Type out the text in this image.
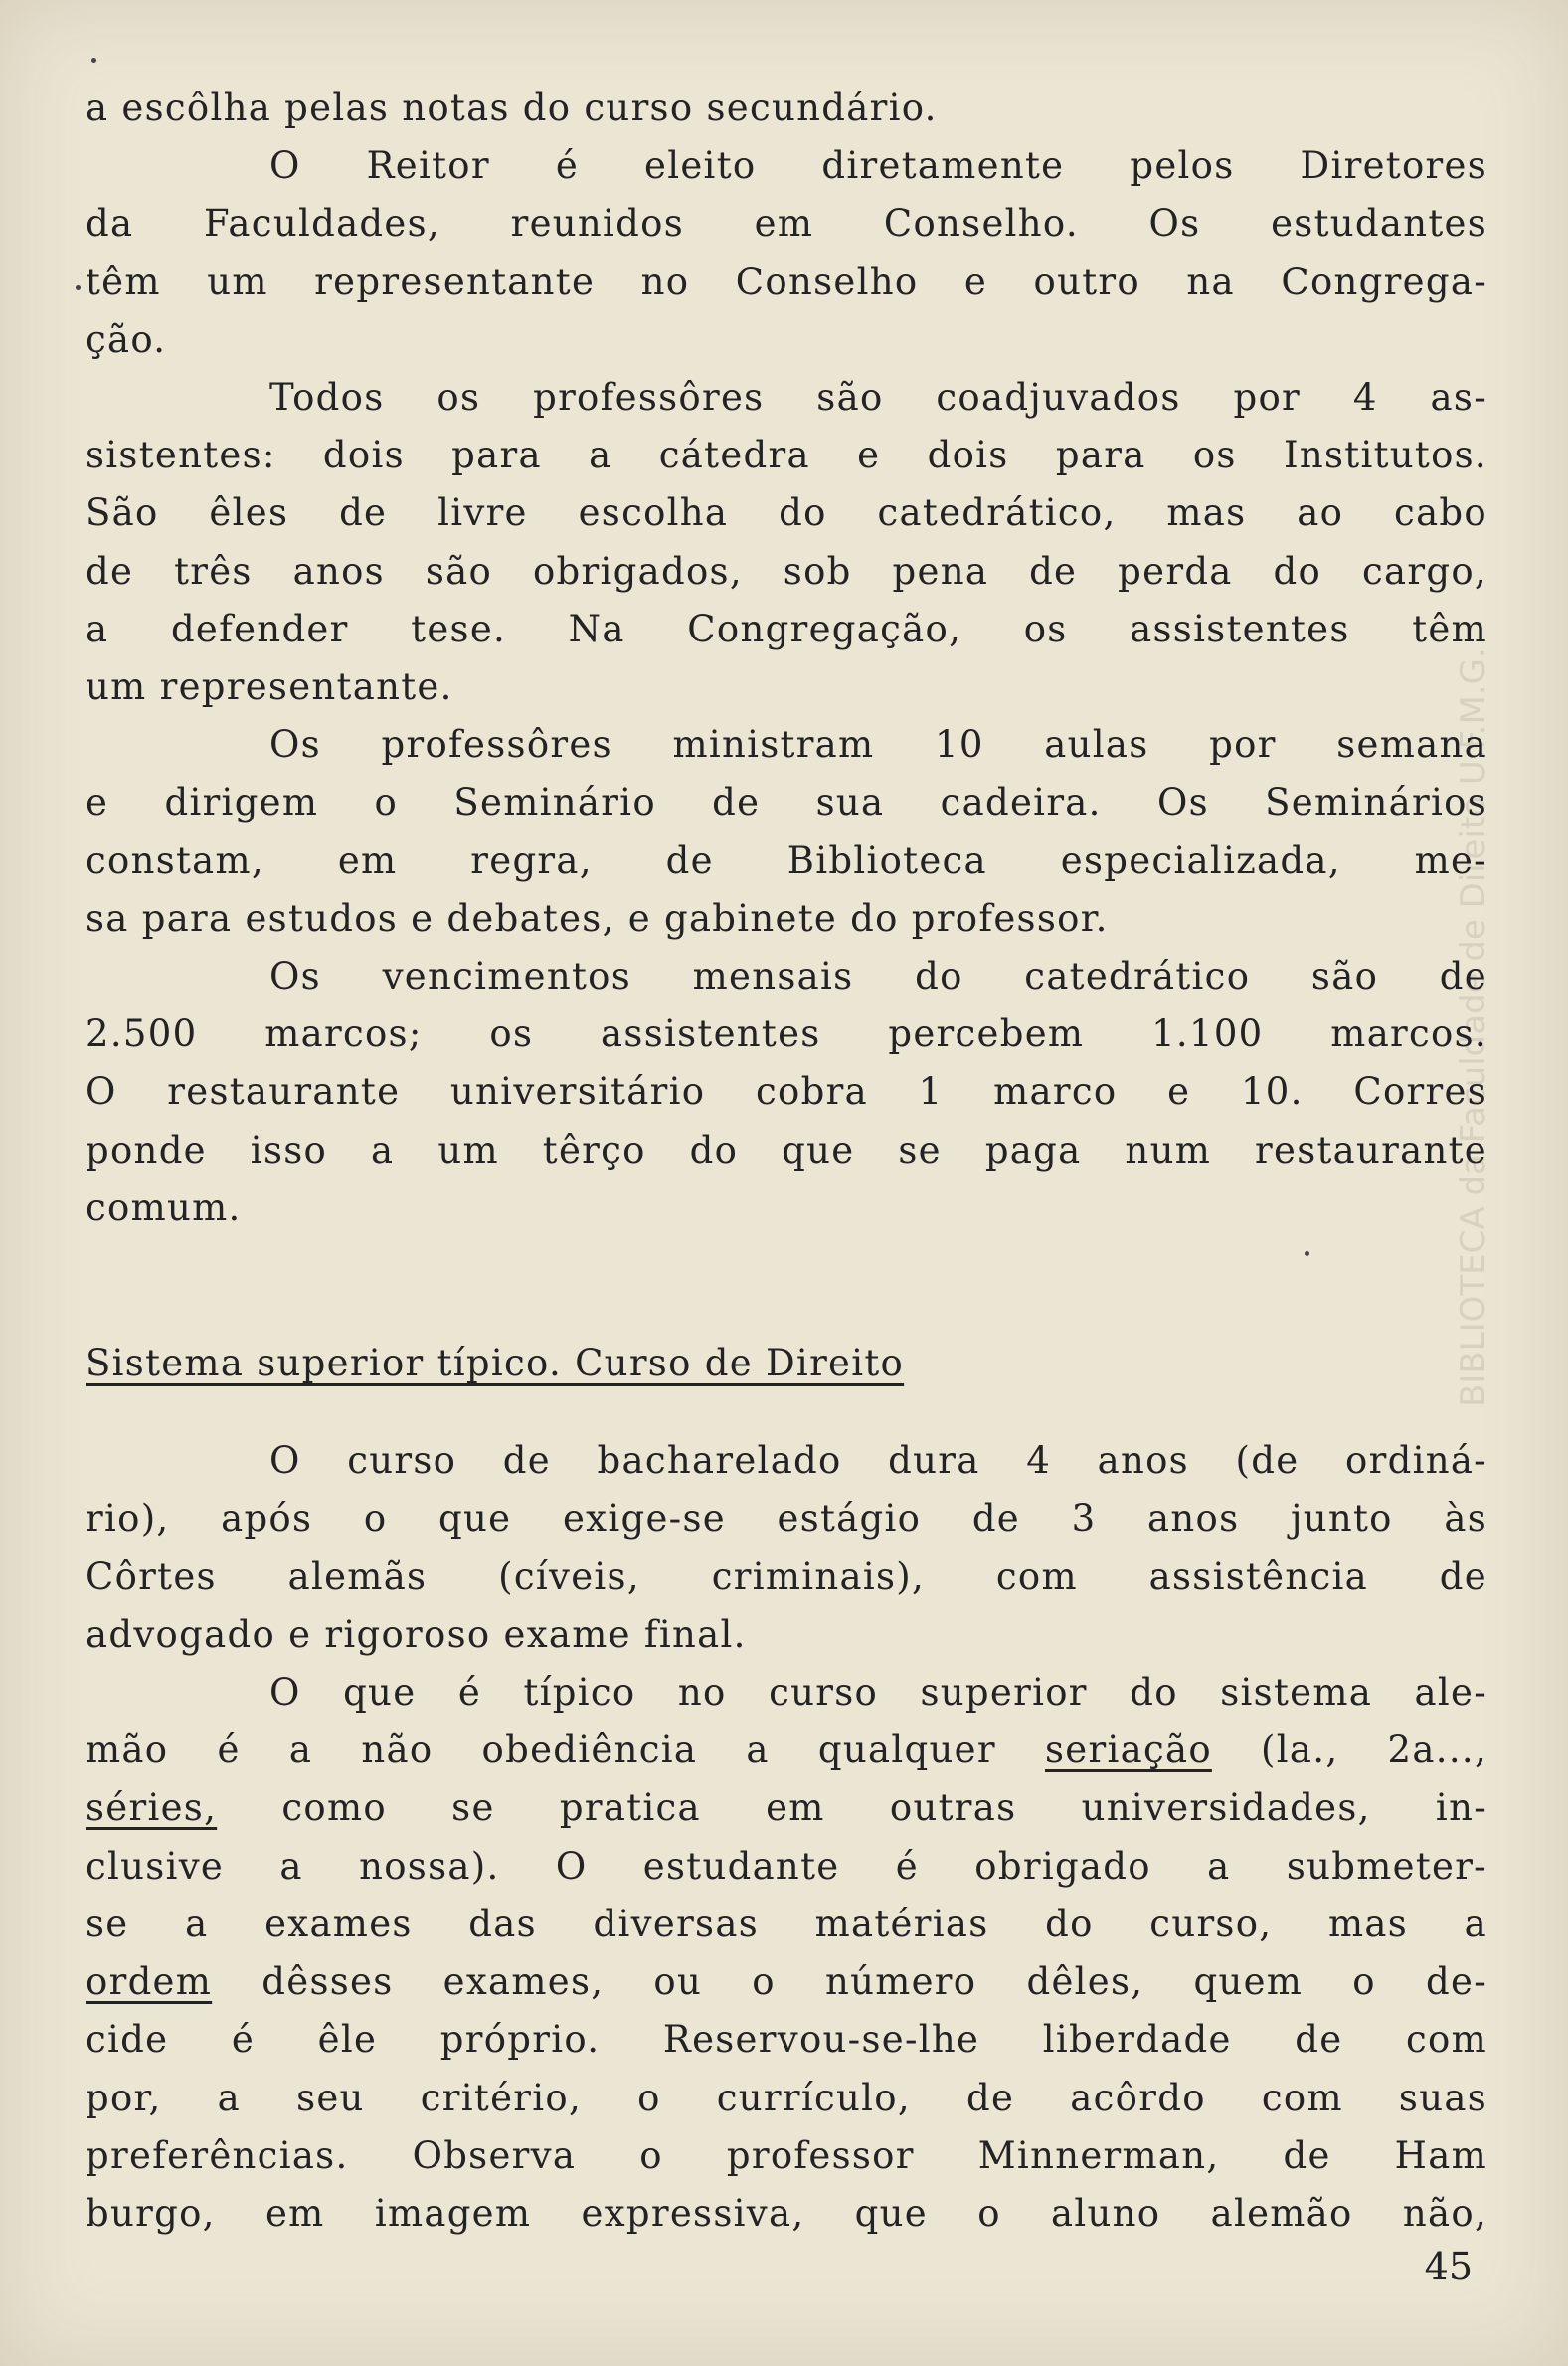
BIBLIOTECA da Faculdade de Direito U.F.M.G.
a escôlha pelas notas do curso secundário.
O Reitor é eleito diretamente pelos Diretores
da Faculdades, reunidos em Conselho. Os estudantes
têm um representante no Conselho e outro na Congrega-
ção.
Todos os professôres são coadjuvados por 4 as-
sistentes: dois para a cátedra e dois para os Institutos.
São êles de livre escolha do catedrático, mas ao cabo
de três anos são obrigados, sob pena de perda do cargo,
a defender tese. Na Congregação, os assistentes têm
um representante.
Os professôres ministram 10 aulas por semana
e dirigem o Seminário de sua cadeira. Os Seminários
constam, em regra, de Biblioteca especializada, me-
sa para estudos e debates, e gabinete do professor.
Os vencimentos mensais do catedrático são de
2.500 marcos; os assistentes percebem 1.100 marcos.
O restaurante universitário cobra 1 marco e 10. Corres
ponde isso a um têrço do que se paga num restaurante
comum.
Sistema superior típico. Curso de Direito
O curso de bacharelado dura 4 anos (de ordiná-
rio), após o que exige-se estágio de 3 anos junto às
Côrtes alemãs (cíveis, criminais), com assistência de
advogado e rigoroso exame final.
O que é típico no curso superior do sistema ale-
mão é a não obediência a qualquer seriação (la., 2a...,
séries, como se pratica em outras universidades, in-
clusive a nossa). O estudante é obrigado a submeter-
se a exames das diversas matérias do curso, mas a
ordem dêsses exames, ou o número dêles, quem o de-
cide é êle próprio. Reservou-se-lhe liberdade de com
por, a seu critério, o currículo, de acôrdo com suas
preferências. Observa o professor Minnerman, de Ham
burgo, em imagem expressiva, que o aluno alemão não,
45
